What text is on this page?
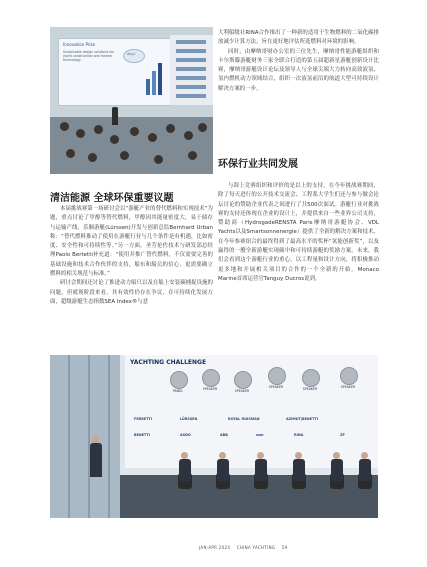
Innovation Prize
Sustainable design solutions for yacht construction and marine technology
Why?

大利船级社RINA合作推出了一种新的适用于生物燃料的二氧化碳排放减少计算方法，旨在更好地评估所选燃料对环境的影响。

同时，由摩纳哥财办公室的三位先生，摩纳哥性能游艇组织和卡尔斯滕游艇财务三家全联合打造的第五届超新星游艇创新设计比赛，摩纳哥游艇设计论坛及领导人与全球尖端大力转向高效液氢、氢内燃机动力领域结合，组织一次液氢前沿的航道大型可持续设计解决方案的一步。

环保行业共同发展

与海上竞赛组织和评价的是以上的支持，在今年挑战赛期间，除了每天进行的公开技术交流会、工程系大学生们还与参与做会论坛讨论的赞助企业代表之间进行了共500次面试。游艇行业对挑战赛的支持还体现在企业的设计上，并提供来自一些业界公司支持，赞助商（HydrogadeRENSTA Paris摩纳哥游艇协会、VDL Yachts以及Smartsonnenergie）提供了全新的解决方案和技术，在今年参赛组合的最终得到了最高水平的奖杯“氢能创新奖”，以及赢得的一艘全新游艇实现碳中和可持续游艇的奖励方案。未来，我们会看到这个游艇行业的重心，以工程量和设计方向，将积极推动更多地和开展相关项目的合作的一个全新的开始。Monaco Marine首席运营官Tanguy Ducros说到。

清洁能源 全球环保重要议题

本届挑战赛第一场研讨会以“游艇产业的替代燃料和实现技术”为题，重点讨论了甲醇等替代燃料，甲醇因其能量密度大，易于储存与运输产线，乐顺游艇(Lürssen)开发与创新总监Bernhard Urban称：“替代燃料推动了使用在游艇行业与几个条件是有机遇，比如密度、安全性和可持续性等。”另一方面，圣劳伦佐技术与研发部总经理Paolo Bertetti补充道：“使用并推广替代燃料，不仅需要完善的基础设施和技术合作伙伴的支持，船东和船员的信心，更需要确立燃料的相关规范与标准。”

研讨会期间还讨论了推进动力船只以及在船上安装碳捕捉设施的问题，但就现阶段来看，其有效性仍存在争议，在可持续化发展方面，超级游艇生态指数SEA Index®与意

YACHTING CHALLENGE
PANEL	SPEAKER	SPEAKER
SPEAKER	SPEAKER	SPEAKER
FERRETTI	LÜRSSEN	ROYAL HUISMAN	AZIMUT|BENETTI
BENETTI	ASDO	ABB	ssm	RINA	ZF
JAN-APR 2024 CHINA YACHTING 59
